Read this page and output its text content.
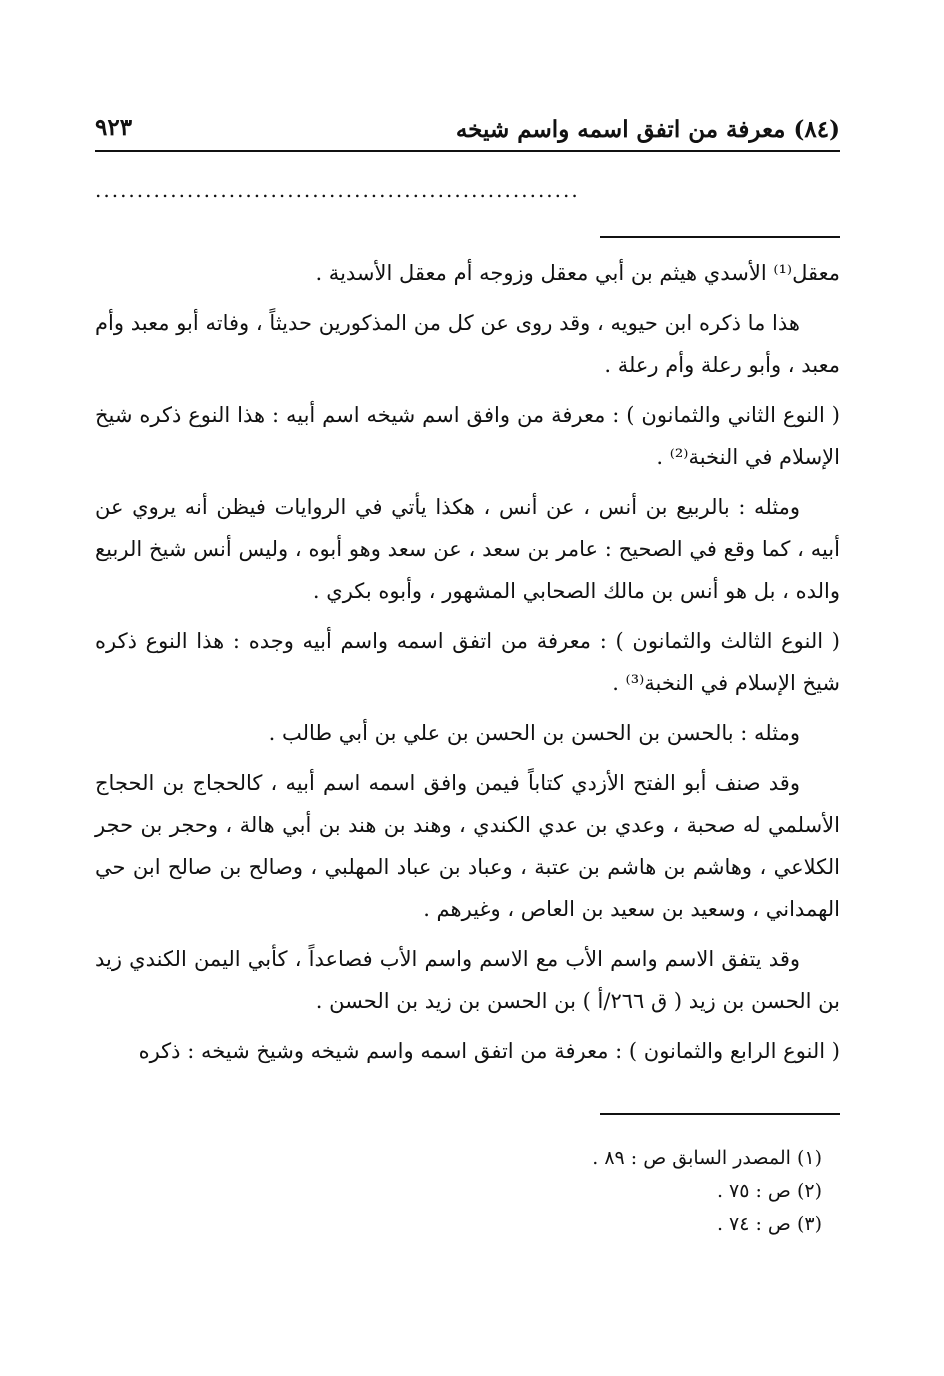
(٨٤) معرفة من اتفق اسمه واسم شيخه
٩٢٣
..........................................................

معقل⁽¹⁾ الأسدي هيثم بن أبي معقل وزوجه أم معقل الأسدية .

هذا ما ذكره ابن حيويه ، وقد روى عن كل من المذكورين حديثاً ، وفاته أبو معبد وأم معبد ، وأبو رعلة وأم رعلة .

( النوع الثاني والثمانون ) : معرفة من وافق اسم شيخه اسم أبيه : هذا النوع ذكره شيخ الإسلام في النخبة⁽²⁾ .

ومثله : بالربيع بن أنس ، عن أنس ، هكذا يأتي في الروايات فيظن أنه يروي عن أبيه ، كما وقع في الصحيح : عامر بن سعد ، عن سعد وهو أبوه ، وليس أنس شيخ الربيع والده ، بل هو أنس بن مالك الصحابي المشهور ، وأبوه بكري .

( النوع الثالث والثمانون ) : معرفة من اتفق اسمه واسم أبيه وجده : هذا النوع ذكره شيخ الإسلام في النخبة⁽³⁾ .

ومثله : بالحسن بن الحسن بن الحسن بن علي بن أبي طالب .

وقد صنف أبو الفتح الأزدي كتاباً فيمن وافق اسمه اسم أبيه ، كالحجاج بن الحجاج الأسلمي له صحبة ، وعدي بن عدي الكندي ، وهند بن هند بن أبي هالة ، وحجر بن حجر الكلاعي ، وهاشم بن هاشم بن عتبة ، وعباد بن عباد المهلبي ، وصالح بن صالح ابن حي الهمداني ، وسعيد بن سعيد بن العاص ، وغيرهم .

وقد يتفق الاسم واسم الأب مع الاسم واسم الأب فصاعداً ، كأبي اليمن الكندي زيد بن الحسن بن زيد ( ق ٢٦٦/أ ) بن الحسن بن زيد بن الحسن .

( النوع الرابع والثمانون ) : معرفة من اتفق اسمه واسم شيخه وشيخ شيخه : ذكره

(١) المصدر السابق ص : ٨٩ .

(٢) ص : ٧٥ .

(٣) ص : ٧٤ .
